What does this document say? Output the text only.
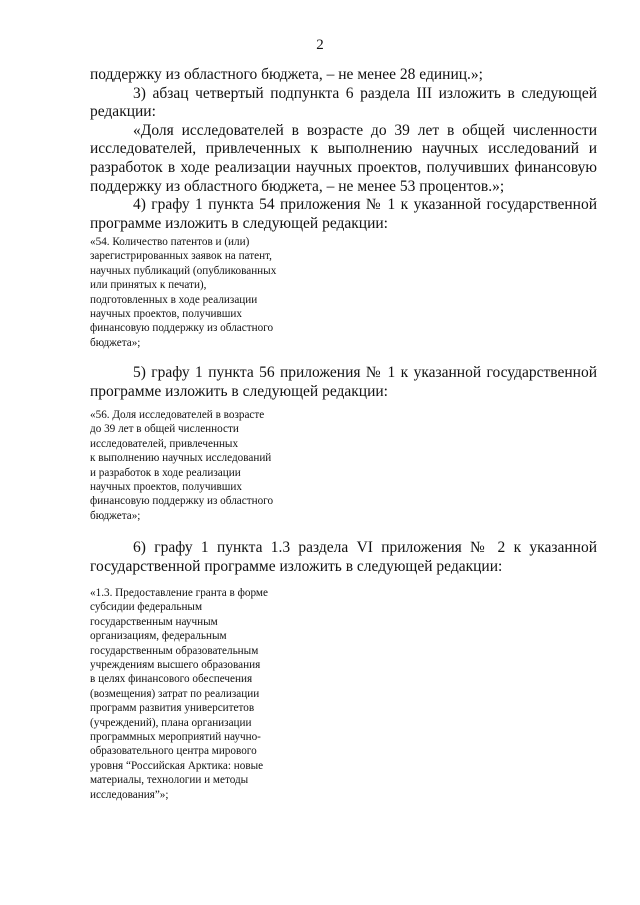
2

поддержку из областного бюджета, – не менее 28 единиц.»;

3) абзац четвертый подпункта 6 раздела III изложить в следующей редакции:

«Доля исследователей в возрасте до 39 лет в общей численности исследователей, привлеченных к выполнению научных исследований и разработок в ходе реализации научных проектов, получивших финансовую поддержку из областного бюджета, – не менее 53 процентов.»;

4) графу 1 пункта 54 приложения № 1 к указанной государственной программе изложить в следующей редакции:

«54. Количество патентов и (или)
зарегистрированных заявок на патент,
научных публикаций (опубликованных
или принятых к печати),
подготовленных в ходе реализации
научных проектов, получивших
финансовую поддержку из областного
бюджета»;

5) графу 1 пункта 56 приложения № 1 к указанной государственной программе изложить в следующей редакции:

«56. Доля исследователей в возрасте
до 39 лет в общей численности
исследователей, привлеченных
к выполнению научных исследований
и разработок в ходе реализации
научных проектов, получивших
финансовую поддержку из областного
бюджета»;

6) графу 1 пункта 1.3 раздела VI приложения № 2 к указанной государственной программе изложить в следующей редакции:

«1.3. Предоставление гранта в форме
субсидии федеральным
государственным научным
организациям, федеральным
государственным образовательным
учреждениям высшего образования
в целях финансового обеспечения
(возмещения) затрат по реализации
программ развития университетов
(учреждений), плана организации
программных мероприятий научно-
образовательного центра мирового
уровня “Российская Арктика: новые
материалы, технологии и методы
исследования”»;
